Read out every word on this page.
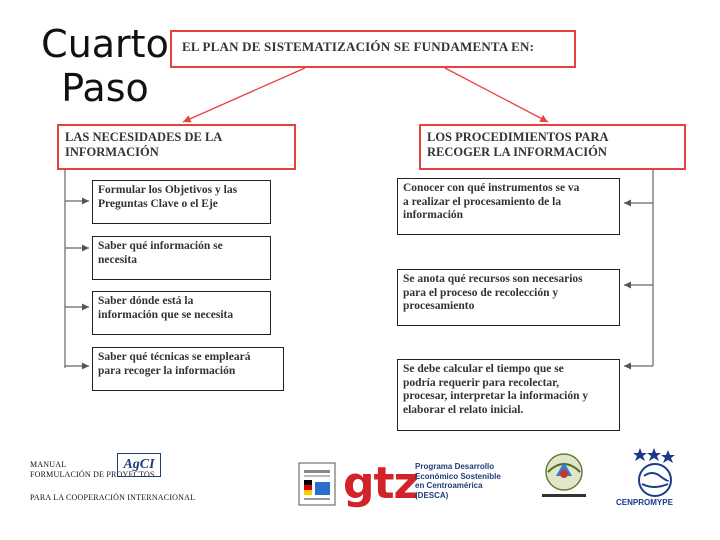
Cuarto
Paso
EL PLAN DE SISTEMATIZACIÓN SE FUNDAMENTA EN:
LAS NECESIDADES DE LA
INFORMACIÓN
LOS PROCEDIMIENTOS PARA
RECOGER LA INFORMACIÓN
Formular los Objetivos y las
Preguntas Clave o el Eje
Saber qué información se
necesita
Saber dónde está la
información que se necesita
Saber qué técnicas se empleará
para recoger la información
Conocer con qué instrumentos se va
a realizar el procesamiento de la
información
Se anota qué recursos son necesarios
para el proceso de recolección y
procesamiento
Se debe calcular el tiempo que se
podría requerir para recolectar,
procesar, interpretar la información y
elaborar el relato inicial.
MANUAL
FORMULACIÓN DE PROYECTOS
PARA LA COOPERACIÓN INTERNACIONAL
AgCI	gtz
Programa Desarrollo
Económico Sostenible
en Centroamérica
(DESCA)
CENPROMYPE
